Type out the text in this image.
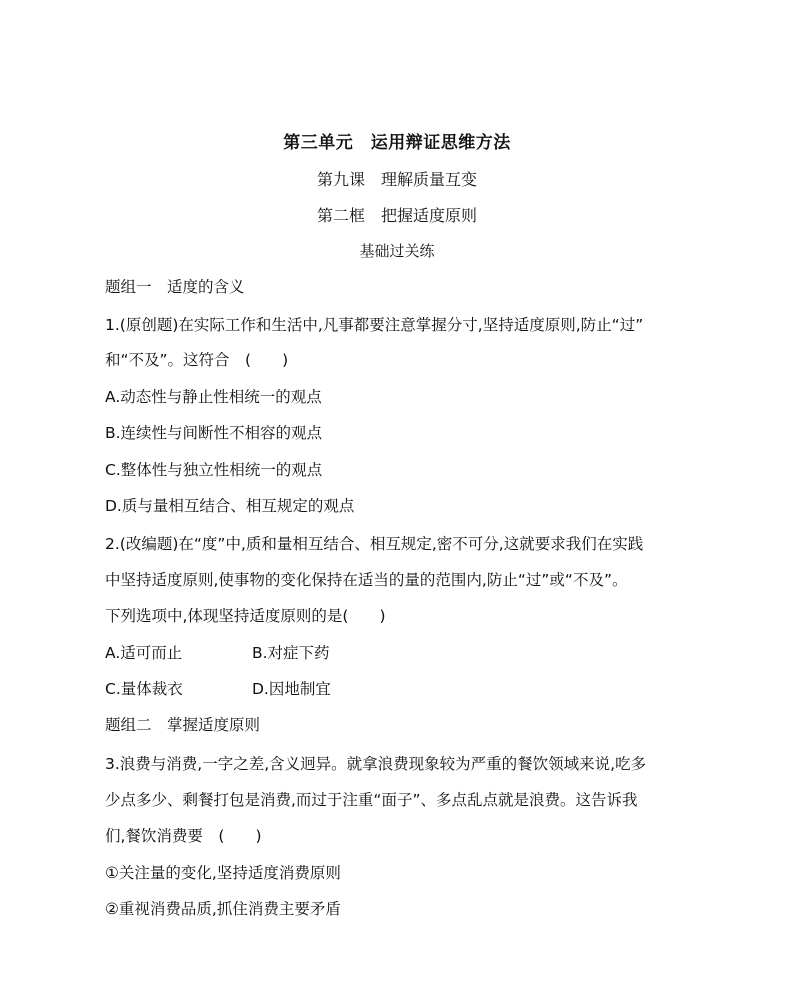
第三单元　运用辩证思维方法
第九课　理解质量互变
第二框　把握适度原则
基础过关练
题组一　适度的含义
1.(原创题)在实际工作和生活中,凡事都要注意掌握分寸,坚持适度原则,防止“过”
和“不及”。这符合　(　　)
A.动态性与静止性相统一的观点
B.连续性与间断性不相容的观点
C.整体性与独立性相统一的观点
D.质与量相互结合、相互规定的观点
2.(改编题)在“度”中,质和量相互结合、相互规定,密不可分,这就要求我们在实践
中坚持适度原则,使事物的变化保持在适当的量的范围内,防止“过”或“不及”。
下列选项中,体现坚持适度原则的是(　　)
A.适可而止	B.对症下药
C.量体裁衣	D.因地制宜
题组二　掌握适度原则
3.浪费与消费,一字之差,含义迥异。就拿浪费现象较为严重的餐饮领域来说,吃多
少点多少、剩餐打包是消费,而过于注重“面子”、多点乱点就是浪费。这告诉我
们,餐饮消费要　(　　)
①关注量的变化,坚持适度消费原则
②重视消费品质,抓住消费主要矛盾
